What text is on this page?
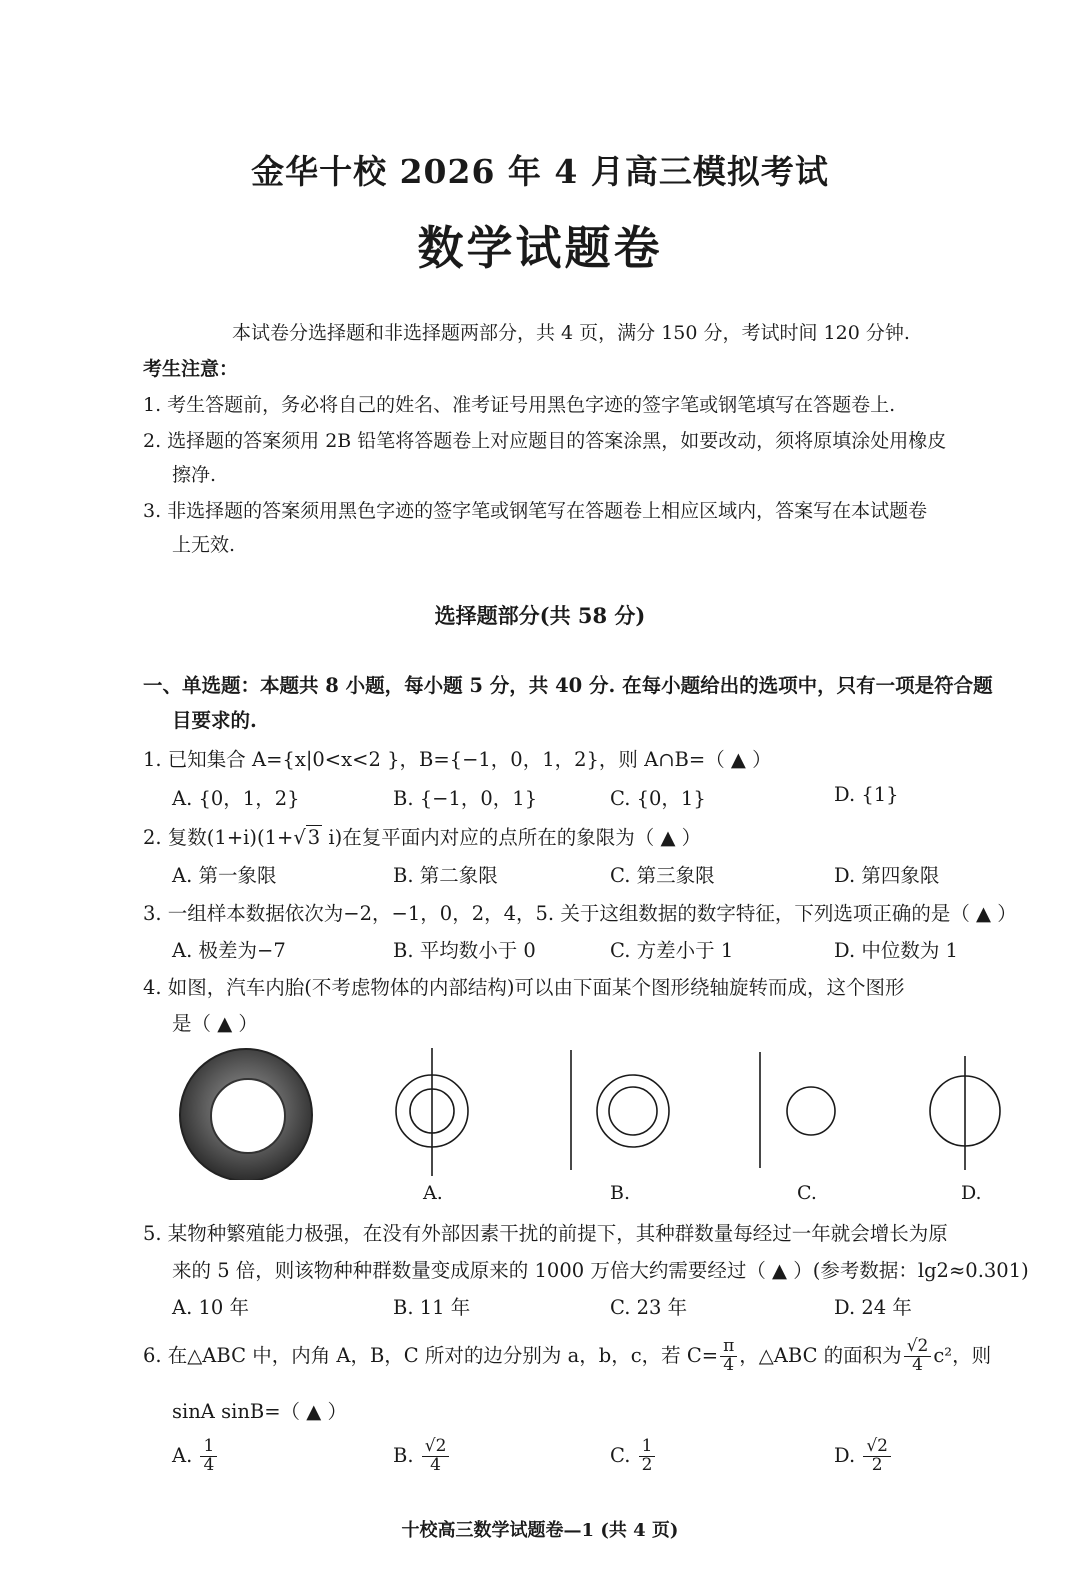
金华十校 2026 年 4 月高三模拟考试
数学试题卷
本试卷分选择题和非选择题两部分，共 4 页，满分 150 分，考试时间 120 分钟.
考生注意：
1. 考生答题前，务必将自己的姓名、准考证号用黑色字迹的签字笔或钢笔填写在答题卷上.
2. 选择题的答案须用 2B 铅笔将答题卷上对应题目的答案涂黑，如要改动，须将原填涂处用橡皮
擦净.
3. 非选择题的答案须用黑色字迹的签字笔或钢笔写在答题卷上相应区域内，答案写在本试题卷
上无效.
选择题部分(共 58 分)
一、单选题：本题共 8 小题，每小题 5 分，共 40 分. 在每小题给出的选项中，只有一项是符合题
目要求的.
1. 已知集合 A={x|0<x<2 }，B={−1，0，1，2}，则 A∩B=（ ▲ ）
A. {0，1，2}	B. {−1，0，1}	C. {0，1}	D. {1}
2. 复数(1+i)(1+√ 3 i)在复平面内对应的点所在的象限为（ ▲ ）
A. 第一象限	B. 第二象限	C. 第三象限	D. 第四象限
3. 一组样本数据依次为−2，−1，0，2，4，5. 关于这组数据的数字特征，下列选项正确的是（ ▲ ）
A. 极差为−7	B. 平均数小于 0	C. 方差小于 1	D. 中位数为 1
4. 如图，汽车内胎(不考虑物体的内部结构)可以由下面某个图形绕轴旋转而成，这个图形
是（ ▲ ）
A.	B.	C.	D.
5. 某物种繁殖能力极强，在没有外部因素干扰的前提下，其种群数量每经过一年就会增长为原
来的 5 倍，则该物种种群数量变成原来的 1000 万倍大约需要经过（ ▲ ）(参考数据：lg2≈0.301)
A. 10 年	B. 11 年	C. 23 年	D. 24 年
6. 在△ABC 中，内角 A，B，C 所对的边分别为 a，b，c，若 $C= \frac{\pi}{4}$ ，△ABC 的面积为 $\frac{√2}{4} c^2$，则
sinA sinB=（ ▲ ）
A. $\frac{1}{4}$	B. $\frac{√2}{4}$	C. $\frac{1}{2}$	D. $\frac{√2}{2}$
十校高三数学试题卷—1 (共 4 页)
